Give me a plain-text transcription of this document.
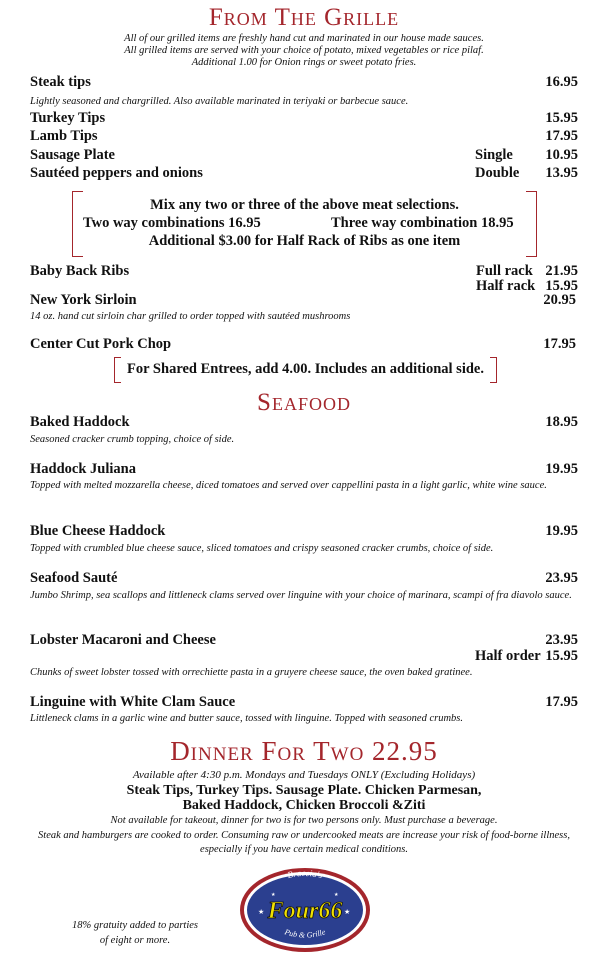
From The Grille
All of our grilled items are freshly hand cut and marinated in our house made sauces.
All grilled items are served with your choice of potato, mixed vegetables or rice pilaf.
Additional 1.00 for Onion rings or sweet potato fries.
Steak tips	16.95
Lightly seasoned and chargrilled. Also available marinated in teriyaki or barbecue sauce.
Turkey Tips	15.95
Lamb Tips	17.95
Sausage Plate	Single 10.95
Sautéed peppers and onions	Double 13.95
Mix any two or three of the above meat selections.
Two way combinations 16.95	Three way combination 18.95
Additional $3.00 for Half Rack of Ribs as one item
Baby Back Ribs	Full rack 21.95
Half rack 15.95
New York Sirloin	20.95
14 oz. hand cut sirloin char grilled to order topped with sautéed mushrooms
Center Cut Pork Chop	17.95
For Shared Entrees, add 4.00. Includes an additional side.
Seafood
Baked Haddock	18.95
Seasoned cracker crumb topping, choice of side.
Haddock Juliana	19.95
Topped with melted mozzarella cheese, diced tomatoes and served over cappellini pasta in a light garlic, white wine sauce.
Blue Cheese Haddock	19.95
Topped with crumbled blue cheese sauce, sliced tomatoes and crispy seasoned cracker crumbs, choice of side.
Seafood Sauté	23.95
Jumbo Shrimp, sea scallops and littleneck clams served over linguine with your choice of marinara, scampi of fra diavolo sauce.
Lobster Macaroni and Cheese	23.95
Half order 15.95
Chunks of sweet lobster tossed with orrechiette pasta in a gruyere cheese sauce, the oven baked gratinee.
Linguine with White Clam Sauce	17.95
Littleneck clams in a garlic wine and butter sauce, tossed with linguine. Topped with seasoned crumbs.
Dinner For Two 22.95
Available after 4:30 p.m. Mondays and Tuesdays ONLY (Excluding Holidays)
Steak Tips, Turkey Tips. Sausage Plate. Chicken Parmesan,
Baked Haddock, Chicken Broccoli &Ziti
Not available for takeout, dinner for two is for two persons only. Must purchase a beverage.
Steak and hamburgers are cooked to order. Consuming raw or undercooked meats are increase your risk of food-borne illness, especially if you have certain medical conditions.
18% gratuity added to parties
of eight or more.
Braccia's
Four66
Pub & Grille
★	★
★	★
